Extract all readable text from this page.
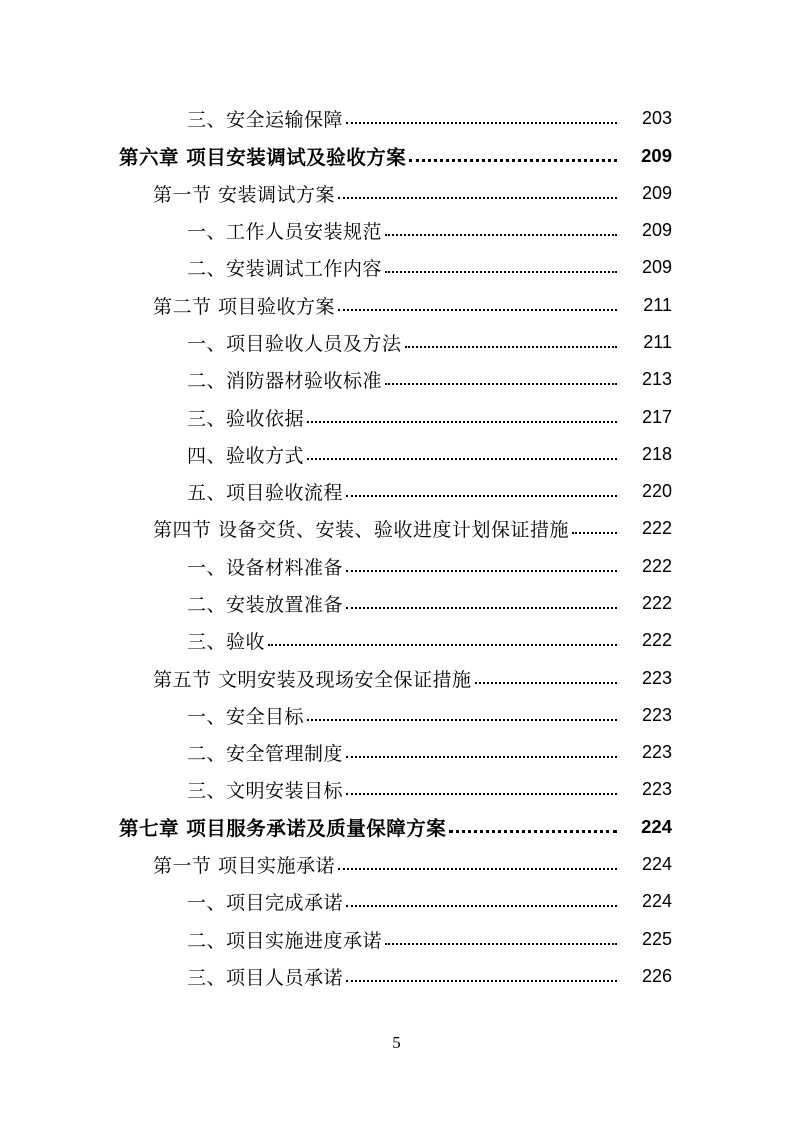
三、安全运输保障	203
第六章 项目安装调试及验收方案	209
第一节 安装调试方案	209
一、工作人员安装规范	209
二、安装调试工作内容	209
第二节 项目验收方案	211
一、项目验收人员及方法	211
二、消防器材验收标准	213
三、验收依据	217
四、验收方式	218
五、项目验收流程	220
第四节 设备交货、安装、验收进度计划保证措施	222
一、设备材料准备	222
二、安装放置准备	222
三、验收	222
第五节 文明安装及现场安全保证措施	223
一、安全目标	223
二、安全管理制度	223
三、文明安装目标	223
第七章 项目服务承诺及质量保障方案	224
第一节 项目实施承诺	224
一、项目完成承诺	224
二、项目实施进度承诺	225
三、项目人员承诺	226
5
